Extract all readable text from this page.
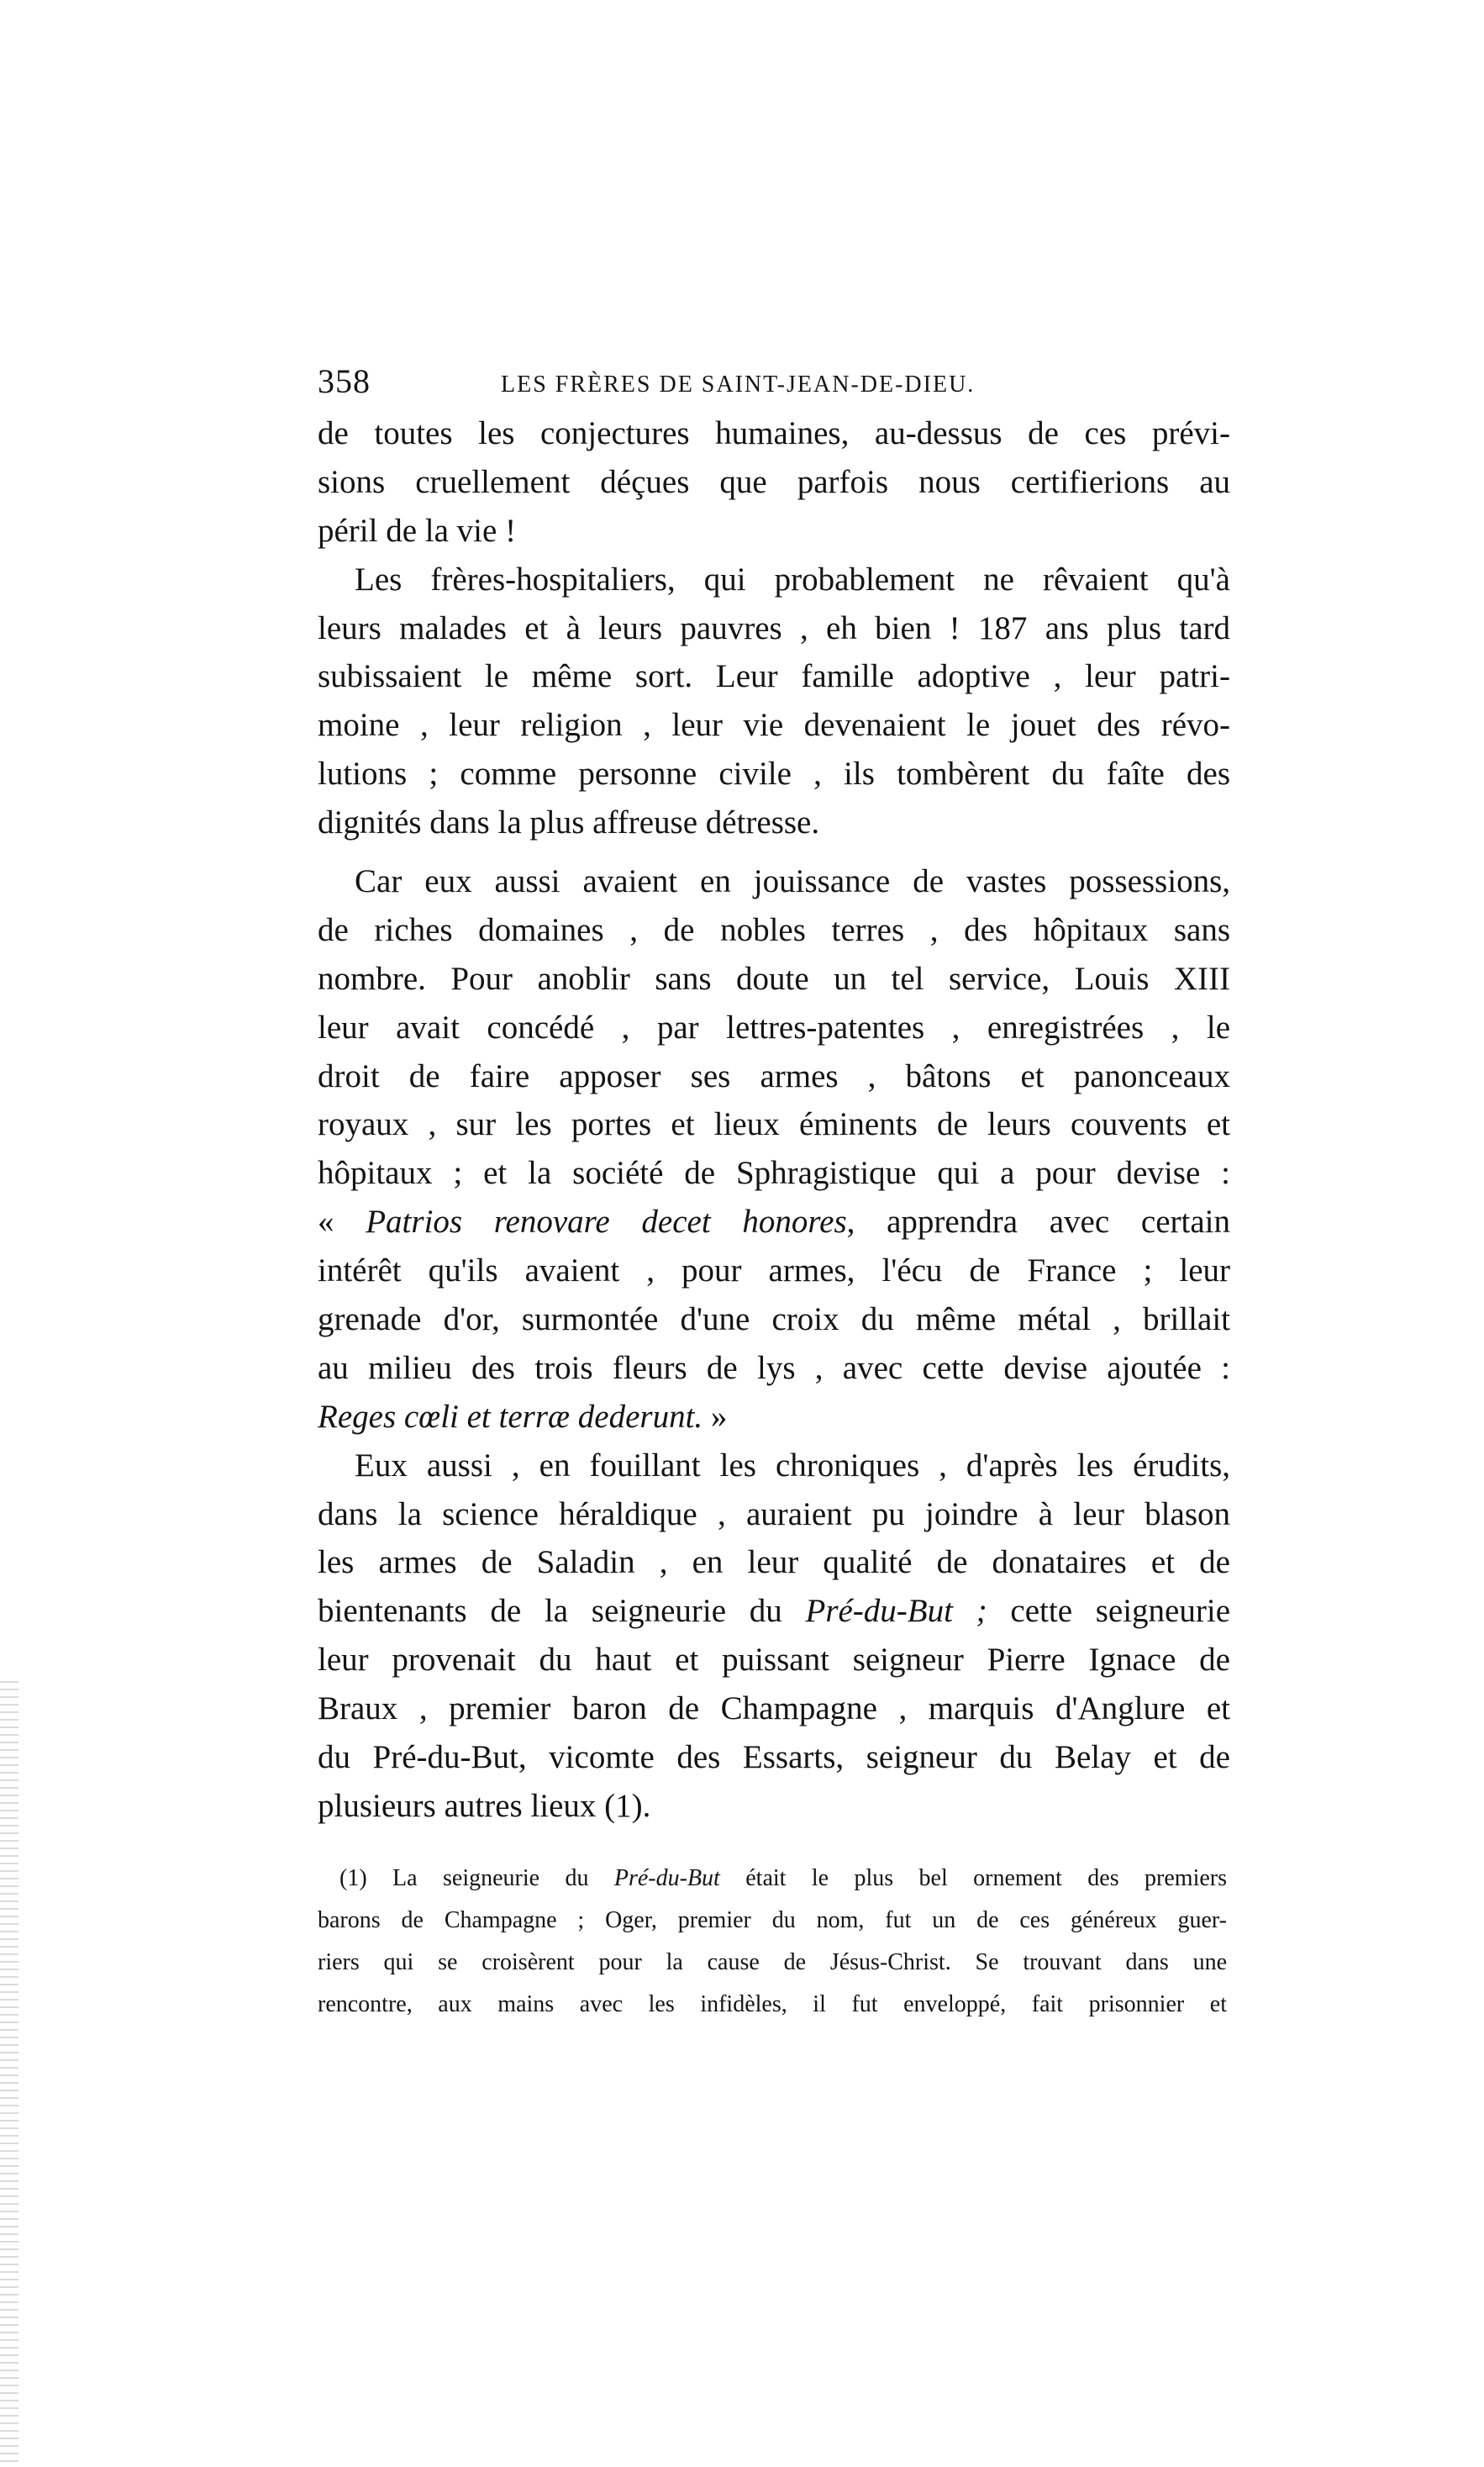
358	LES FRÈRES DE SAINT-JEAN-DE-DIEU.
de toutes les conjectures humaines, au-dessus de ces prévi-
sions cruellement déçues que parfois nous certifierions au
péril de la vie !
Les frères-hospitaliers, qui probablement ne rêvaient qu'à
leurs malades et à leurs pauvres , eh bien ! 187 ans plus tard
subissaient le même sort. Leur famille adoptive , leur patri-
moine , leur religion , leur vie devenaient le jouet des révo-
lutions ; comme personne civile , ils tombèrent du faîte des
dignités dans la plus affreuse détresse.
Car eux aussi avaient en jouissance de vastes possessions,
de riches domaines , de nobles terres , des hôpitaux sans
nombre. Pour anoblir sans doute un tel service, Louis XIII
leur avait concédé , par lettres-patentes , enregistrées , le
droit de faire apposer ses armes , bâtons et panonceaux
royaux , sur les portes et lieux éminents de leurs couvents et
hôpitaux ; et la société de Sphragistique qui a pour devise :
« Patrios renovare decet honores, apprendra avec certain
intérêt qu'ils avaient , pour armes, l'écu de France ; leur
grenade d'or, surmontée d'une croix du même métal , brillait
au milieu des trois fleurs de lys , avec cette devise ajoutée :
Reges cœli et terræ dederunt. »
Eux aussi , en fouillant les chroniques , d'après les érudits,
dans la science héraldique , auraient pu joindre à leur blason
les armes de Saladin , en leur qualité de donataires et de
bientenants de la seigneurie du Pré-du-But ; cette seigneurie
leur provenait du haut et puissant seigneur Pierre Ignace de
Braux , premier baron de Champagne , marquis d'Anglure et
du Pré-du-But, vicomte des Essarts, seigneur du Belay et de
plusieurs autres lieux (1).
(1) La seigneurie du Pré-du-But était le plus bel ornement des premiers
barons de Champagne ; Oger, premier du nom, fut un de ces généreux guer-
riers qui se croisèrent pour la cause de Jésus-Christ. Se trouvant dans une
rencontre, aux mains avec les infidèles, il fut enveloppé, fait prisonnier et
